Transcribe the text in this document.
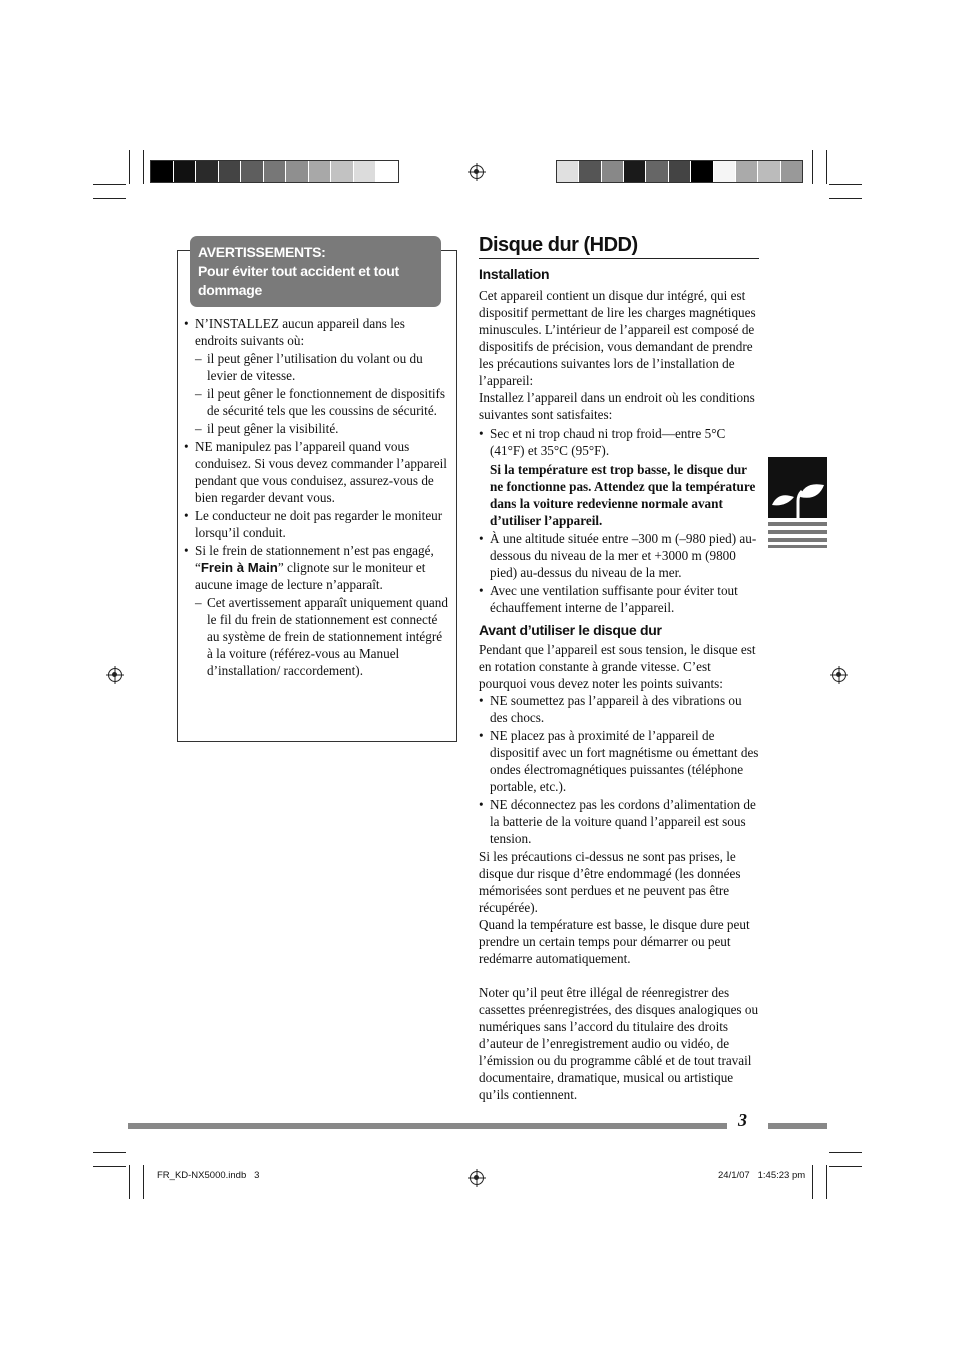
AVERTISSEMENTS:
Pour éviter tout accident et tout dommage
• N’INSTALLEZ aucun appareil dans les endroits suivants où:
– il peut gêner l’utilisation du volant ou du levier de vitesse.
– il peut gêner le fonctionnement de dispositifs de sécurité tels que les coussins de sécurité.
– il peut gêner la visibilité.
• NE manipulez pas l’appareil quand vous conduisez. Si vous devez commander l’appareil pendant que vous conduisez, assurez-vous de bien regarder devant vous.
• Le conducteur ne doit pas regarder le moniteur lorsqu’il conduit.
• Si le frein de stationnement n’est pas engagé, “Frein à Main” clignote sur le moniteur et aucune image de lecture n’apparaît.
– Cet avertissement apparaît uniquement quand le fil du frein de stationnement est connecté au système de frein de stationnement intégré à la voiture (référez-vous au Manuel d’installation/ raccordement).
Disque dur (HDD)
Installation
Cet appareil contient un disque dur intégré, qui est dispositif permettant de lire les charges magnétiques minuscules. L’intérieur de l’appareil est composé de dispositifs de précision, vous demandant de prendre les précautions suivantes lors de l’installation de l’appareil:
Installez l’appareil dans un endroit où les conditions suivantes sont satisfaites:
• Sec et ni trop chaud ni trop froid—entre 5°C (41°F) et 35°C (95°F).
Si la température est trop basse, le disque dur ne fonctionne pas. Attendez que la température dans la voiture redevienne normale avant d’utiliser l’appareil.
• À une altitude située entre –300 m (–980 pied) au-dessous du niveau de la mer et +3000 m (9800 pied) au-dessus du niveau de la mer.
• Avec une ventilation suffisante pour éviter tout échauffement interne de l’appareil.
Avant d’utiliser le disque dur
Pendant que l’appareil est sous tension, le disque est en rotation constante à grande vitesse. C’est pourquoi vous devez noter les points suivants:
• NE soumettez pas l’appareil à des vibrations ou des chocs.
• NE placez pas à proximité de l’appareil de dispositif avec un fort magnétisme ou émettant des ondes électromagnétiques puissantes (téléphone portable, etc.).
• NE déconnectez pas les cordons d’alimentation de la batterie de la voiture quand l’appareil est sous tension.
Si les précautions ci-dessus ne sont pas prises, le disque dur risque d’être endommagé (les données mémorisées sont perdues et ne peuvent pas être récupérée).
Quand la température est basse, le disque dure peut prendre un certain temps pour démarrer ou peut redémarre automatiquement.
Noter qu’il peut être illégal de réenregistrer des cassettes préenregistrées, des disques analogiques ou numériques sans l’accord du titulaire des droits d’auteur de l’enregistrement audio ou vidéo, de l’émission ou du programme câblé et de tout travail documentaire, dramatique, musical ou artistique qu’ils contiennent.
3
FR_KD-NX5000.indb   3	24/1/07   1:45:23 pm
